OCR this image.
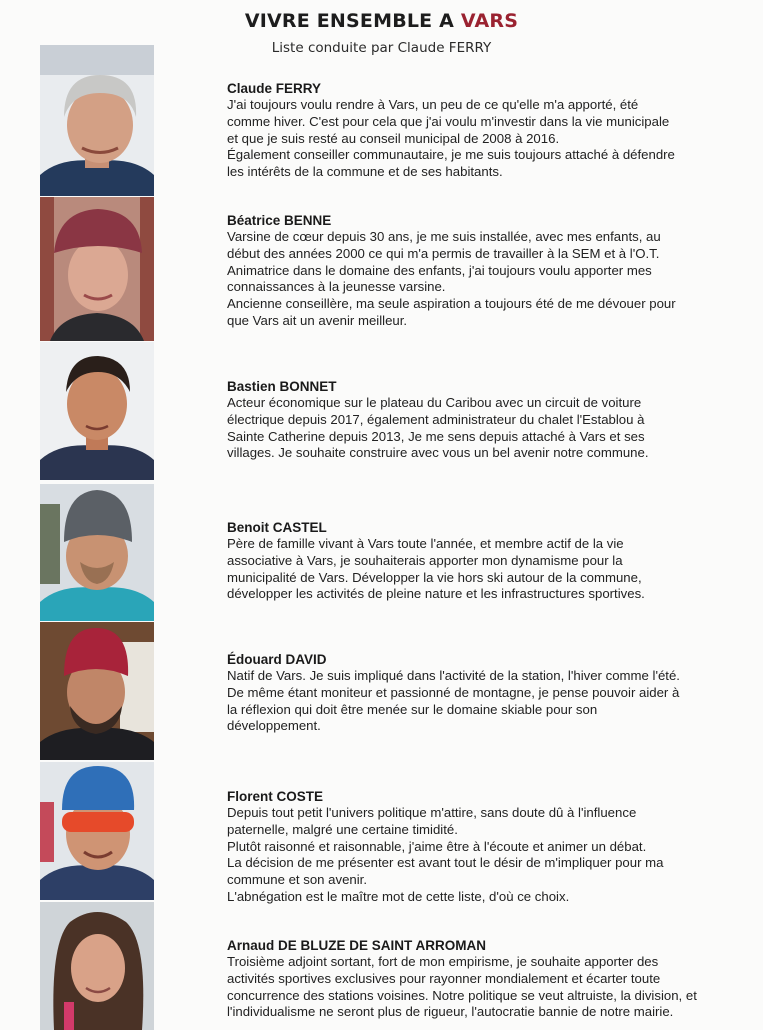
VIVRE ENSEMBLE A VARS
Liste conduite par Claude FERRY

Claude FERRY

J'ai toujours voulu rendre à Vars, un peu de ce qu'elle m'a apporté, été
comme hiver. C'est pour cela que j'ai voulu m'investir dans la vie municipale
et que je suis resté au conseil municipal de 2008 à 2016.
Également conseiller communautaire, je me suis toujours attaché à défendre
les intérêts de la commune et de ses habitants.

Béatrice BENNE

Varsine de cœur depuis 30 ans, je me suis installée, avec mes enfants, au
début des années 2000 ce qui m'a permis de travailler à la SEM et à l'O.T.
Animatrice dans le domaine des enfants, j'ai toujours voulu apporter mes
connaissances à la jeunesse varsine.
Ancienne conseillère, ma seule aspiration a toujours été de me dévouer pour
que Vars ait un avenir meilleur.

Bastien BONNET

Acteur économique sur le plateau du Caribou avec un circuit de voiture
électrique depuis 2017, également administrateur du chalet l'Establou à
Sainte Catherine depuis 2013, Je me sens depuis attaché à Vars et ses
villages. Je souhaite construire avec vous un bel avenir notre commune.

Benoit CASTEL

Père de famille vivant à Vars toute l'année, et membre actif de la vie
associative à Vars, je souhaiterais apporter mon dynamisme pour la
municipalité de Vars. Développer la vie hors ski autour de la commune,
développer les activités de pleine nature et les infrastructures sportives.

Édouard DAVID

Natif de Vars. Je suis impliqué dans l'activité de la station, l'hiver comme l'été.
De même étant moniteur et passionné de montagne, je pense pouvoir aider à
la réflexion qui doit être menée sur le domaine skiable pour son
développement.

Florent COSTE

Depuis tout petit l'univers politique m'attire, sans doute dû à l'influence
paternelle, malgré une certaine timidité.
Plutôt raisonné et raisonnable, j'aime être à l'écoute et animer un débat.
La décision de me présenter est avant tout le désir de m'impliquer pour ma
commune et son avenir.
L'abnégation est le maître mot de cette liste, d'où ce choix.

Arnaud DE BLUZE DE SAINT ARROMAN

Troisième adjoint sortant, fort de mon empirisme, je souhaite apporter des
activités sportives exclusives pour rayonner mondialement et écarter toute
concurrence des stations voisines. Notre politique se veut altruiste, la division, et
l'individualisme ne seront plus de rigueur, l'autocratie bannie de notre mairie.
